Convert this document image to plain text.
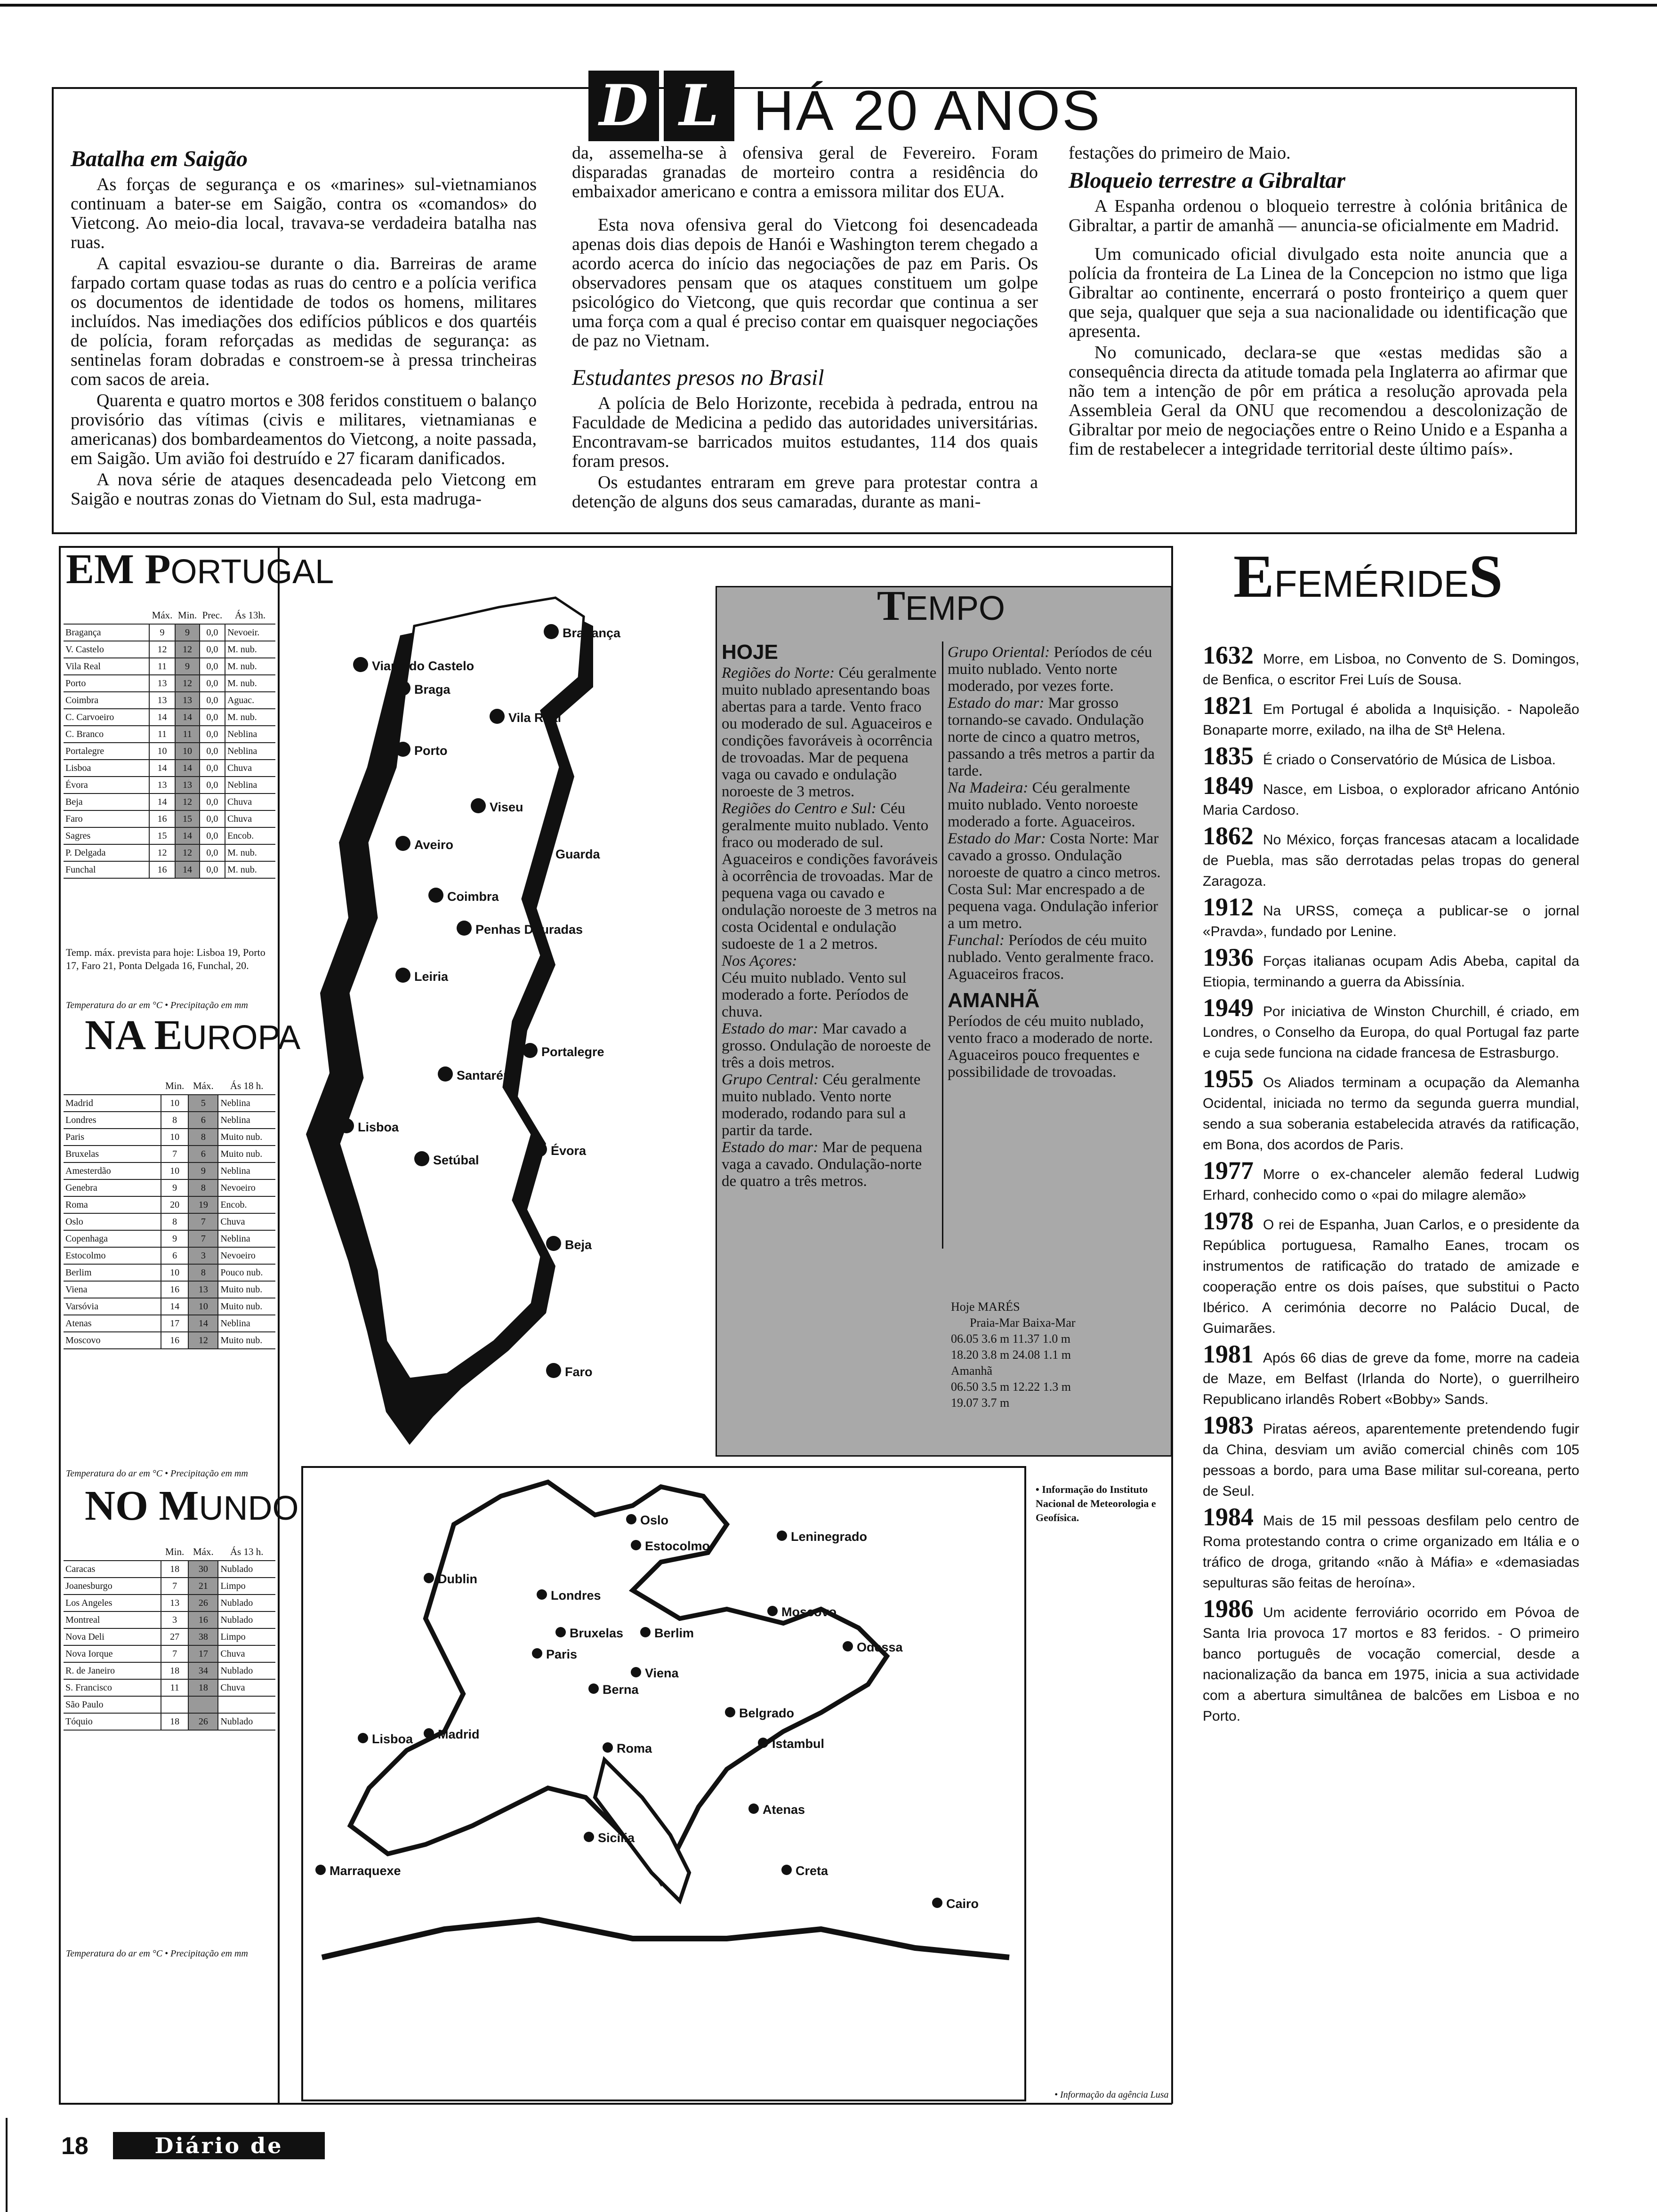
D L HÁ 20 ANOS
Batalha em Saigão

As forças de segurança e os «marines» sul-vietnamianos continuam a bater-se em Saigão, contra os «comandos» do Vietcong. Ao meio-dia local, travava-se verdadeira batalha nas ruas.

A capital esvaziou-se durante o dia. Barreiras de arame farpado cortam quase todas as ruas do centro e a polícia verifica os documentos de identidade de todos os homens, militares incluídos. Nas imediações dos edifícios públicos e dos quartéis de polícia, foram reforçadas as medidas de segurança: as sentinelas foram dobradas e constroem-se à pressa trincheiras com sacos de areia.

Quarenta e quatro mortos e 308 feridos constituem o balanço provisório das vítimas (civis e militares, vietnamianas e americanas) dos bombardeamentos do Vietcong, a noite passada, em Saigão. Um avião foi destruído e 27 ficaram danificados.

A nova série de ataques desencadeada pelo Vietcong em Saigão e noutras zonas do Vietnam do Sul, esta madruga-

da, assemelha-se à ofensiva geral de Fevereiro. Foram disparadas granadas de morteiro contra a residência do embaixador americano e contra a emissora militar dos EUA.

Esta nova ofensiva geral do Vietcong foi desencadeada apenas dois dias depois de Hanói e Washington terem chegado a acordo acerca do início das negociações de paz em Paris. Os observadores pensam que os ataques constituem um golpe psicológico do Vietcong, que quis recordar que continua a ser uma força com a qual é preciso contar em quaisquer negociações de paz no Vietnam.

Estudantes presos no Brasil

A polícia de Belo Horizonte, recebida à pedrada, entrou na Faculdade de Medicina a pedido das autoridades universitárias. Encontravam-se barricados muitos estudantes, 114 dos quais foram presos.

Os estudantes entraram em greve para protestar contra a detenção de alguns dos seus camaradas, durante as mani-

festações do primeiro de Maio.

Bloqueio terrestre a Gibraltar

A Espanha ordenou o bloqueio terrestre à colónia britânica de Gibraltar, a partir de amanhã — anuncia-se oficialmente em Madrid.

Um comunicado oficial divulgado esta noite anuncia que a polícia da fronteira de La Linea de la Concepcion no istmo que liga Gibraltar ao continente, encerrará o posto fronteiriço a quem quer que seja, qualquer que seja a sua nacionalidade ou identificação que apresenta.

No comunicado, declara-se que «estas medidas são a consequência directa da atitude tomada pela Inglaterra ao afirmar que não tem a intenção de pôr em prática a resolução aprovada pela Assembleia Geral da ONU que recomendou a descolonização de Gibraltar por meio de negociações entre o Reino Unido e a Espanha a fim de restabelecer a integridade territorial deste último país».

EM PORTUGAL
	Máx.	Min.	Prec.	Ás 13h.
Bragança	9	9	0,0	Nevoeir.
V. Castelo	12	12	0,0	M. nub.
Vila Real	11	9	0,0	M. nub.
Porto	13	12	0,0	M. nub.
Coimbra	13	13	0,0	Aguac.
C. Carvoeiro	14	14	0,0	M. nub.
C. Branco	11	11	0,0	Neblina
Portalegre	10	10	0,0	Neblina
Lisboa	14	14	0,0	Chuva
Évora	13	13	0,0	Neblina
Beja	14	12	0,0	Chuva
Faro	16	15	0,0	Chuva
Sagres	15	14	0,0	Encob.
P. Delgada	12	12	0,0	M. nub.
Funchal	16	14	0,0	M. nub.
Temp. máx. prevista para hoje: Lisboa 19, Porto 17, Faro 21, Ponta Delgada 16, Funchal, 20.
Temperatura do ar em °C • Precipitação em mm
NA EUROPA
	Min.	Máx.	Ás 18 h.
Madrid	10	5	Neblina
Londres	8	6	Neblina
Paris	10	8	Muito nub.
Bruxelas	7	6	Muito nub.
Amesterdão	10	9	Neblina
Genebra	9	8	Nevoeiro
Roma	20	19	Encob.
Oslo	8	7	Chuva
Copenhaga	9	7	Neblina
Estocolmo	6	3	Nevoeiro
Berlim	10	8	Pouco nub.
Viena	16	13	Muito nub.
Varsóvia	14	10	Muito nub.
Atenas	17	14	Neblina
Moscovo	16	12	Muito nub.
Temperatura do ar em °C • Precipitação em mm
NO MUNDO
	Min.	Máx.	Ás 13 h.
Caracas	18	30	Nublado
Joanesburgo	7	21	Limpo
Los Angeles	13	26	Nublado
Montreal	3	16	Nublado
Nova Deli	27	38	Limpo
Nova Iorque	7	17	Chuva
R. de Janeiro	18	34	Nublado
S. Francisco	11	18	Chuva
São Paulo			
Tóquio	18	26	Nublado
Temperatura do ar em °C • Precipitação em mm
Bragança
Viana do Castelo
Braga
Vila Real
Porto
Viseu
Guarda
Aveiro
Coimbra
Penhas Douradas
Leiria
Portalegre
Santarém
Lisboa
Setúbal
Évora
Beja
Faro
TEMPO
HOJE
Regiões do Norte: Céu geralmente muito nublado apresentando boas abertas para a tarde. Vento fraco ou moderado de sul. Aguaceiros e condições favoráveis à ocorrência de trovoadas. Mar de pequena vaga ou cavado e ondulação noroeste de 3 metros.
Regiões do Centro e Sul: Céu geralmente muito nublado. Vento fraco ou moderado de sul. Aguaceiros e condições favoráveis à ocorrência de trovoadas. Mar de pequena vaga ou cavado e ondulação noroeste de 3 metros na costa Ocidental e ondulação sudoeste de 1 a 2 metros.
Nos Açores:
Céu muito nublado. Vento sul moderado a forte. Períodos de chuva.
Estado do mar: Mar cavado a grosso. Ondulação de noroeste de três a dois metros.
Grupo Central: Céu geralmente muito nublado. Vento norte moderado, rodando para sul a partir da tarde.
Estado do mar: Mar de pequena vaga a cavado. Ondulação-norte de quatro a três metros.
Grupo Oriental: Períodos de céu muito nublado. Vento norte moderado, por vezes forte.
Estado do mar: Mar grosso tornando-se cavado. Ondulação norte de cinco a quatro metros, passando a três metros a partir da tarde.
Na Madeira: Céu geralmente muito nublado. Vento noroeste moderado a forte. Aguaceiros.
Estado do Mar: Costa Norte: Mar cavado a grosso. Ondulação noroeste de quatro a cinco metros.
Costa Sul: Mar encrespado a de pequena vaga. Ondulação inferior a um metro.
Funchal: Períodos de céu muito nublado. Vento geralmente fraco. Aguaceiros fracos.
AMANHÃ
Períodos de céu muito nublado, vento fraco a moderado de norte. Aguaceiros pouco frequentes e possibilidade de trovoadas.
Oslo
Estocolmo
Leninegrado
Dublin
Londres
Moscovo
Bruxelas Berlim
Paris	Odessa
Viena
Berna
Belgrado
Lisboa Madrid
Roma	Istambul
Atenas
Sicília
Creta
Marraquexe
Cairo
• Informação da agência Lusa
Hoje MARÉS
Praia-Mar Baixa-Mar
06.05 3.6 m 11.37 1.0 m
18.20 3.8 m 24.08 1.1 m
Amanhã
06.50 3.5 m 12.22 1.3 m
19.07 3.7 m
• Informação do Instituto Nacional de Meteorologia e Geofísica.
EFEMÉRIDES
1632 Morre, em Lisboa, no Convento de S. Domingos, de Benfica, o escritor Frei Luís de Sousa.
1821 Em Portugal é abolida a Inquisição. - Napoleão Bonaparte morre, exilado, na ilha de Stª Helena.
1835 É criado o Conservatório de Música de Lisboa.
1849 Nasce, em Lisboa, o explorador africano António Maria Cardoso.
1862 No México, forças francesas atacam a localidade de Puebla, mas são derrotadas pelas tropas do general Zaragoza.
1912 Na URSS, começa a publicar-se o jornal «Pravda», fundado por Lenine.
1936 Forças italianas ocupam Adis Abeba, capital da Etiopia, terminando a guerra da Abissínia.
1949 Por iniciativa de Winston Churchill, é criado, em Londres, o Conselho da Europa, do qual Portugal faz parte e cuja sede funciona na cidade francesa de Estrasburgo.
1955 Os Aliados terminam a ocupação da Alemanha Ocidental, iniciada no termo da segunda guerra mundial, sendo a sua soberania estabelecida através da ratificação, em Bona, dos acordos de Paris.
1977 Morre o ex-chanceler alemão federal Ludwig Erhard, conhecido como o «pai do milagre alemão»
1978 O rei de Espanha, Juan Carlos, e o presidente da República portuguesa, Ramalho Eanes, trocam os instrumentos de ratificação do tratado de amizade e cooperação entre os dois países, que substitui o Pacto Ibérico. A cerimónia decorre no Palácio Ducal, de Guimarães.
1981 Após 66 dias de greve da fome, morre na cadeia de Maze, em Belfast (Irlanda do Norte), o guerrilheiro Republicano irlandês Robert «Bobby» Sands.
1983 Piratas aéreos, aparentemente pretendendo fugir da China, desviam um avião comercial chinês com 105 pessoas a bordo, para uma Base militar sul-coreana, perto de Seul.
1984 Mais de 15 mil pessoas desfilam pelo centro de Roma protestando contra o crime organizado em Itália e o tráfico de droga, gritando «não à Máfia» e «demasiadas sepulturas são feitas de heroína».
1986 Um acidente ferroviário ocorrido em Póvoa de Santa Iria provoca 17 mortos e 83 feridos. - O primeiro banco português de vocação comercial, desde a nacionalização da banca em 1975, inicia a sua actividade com a abertura simultânea de balcões em Lisboa e no Porto.
18	Diário de Lisboa
